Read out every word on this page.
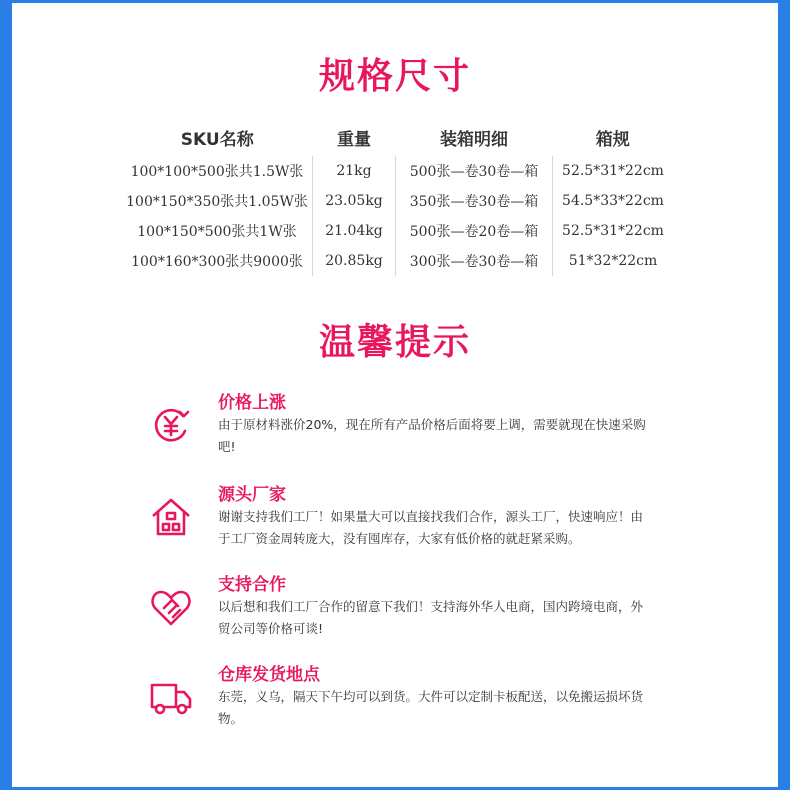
规格尺寸
SKU名称	重量	装箱明细	箱规
100*100*500张共1.5W张	21kg	500张—卷30卷—箱	52.5*31*22cm
100*150*350张共1.05W张	23.05kg	350张—卷30卷—箱	54.5*33*22cm
100*150*500张共1W张	21.04kg	500张—卷20卷—箱	52.5*31*22cm
100*160*300张共9000张	20.85kg	300张—卷30卷—箱	51*32*22cm
温馨提示
价格上涨
由于原材料涨价20%，现在所有产品价格后面将要上调，需要就现在快速采购吧!
源头厂家
谢谢支持我们工厂！如果量大可以直接找我们合作，源头工厂，快速响应！由于工厂资金周转庞大，没有囤库存，大家有低价格的就赶紧采购。
支持合作
以后想和我们工厂合作的留意下我们！支持海外华人电商，国内跨境电商，外贸公司等价格可谈!
仓库发货地点
东莞，义乌，隔天下午均可以到货。大件可以定制卡板配送，以免搬运损坏货物。
